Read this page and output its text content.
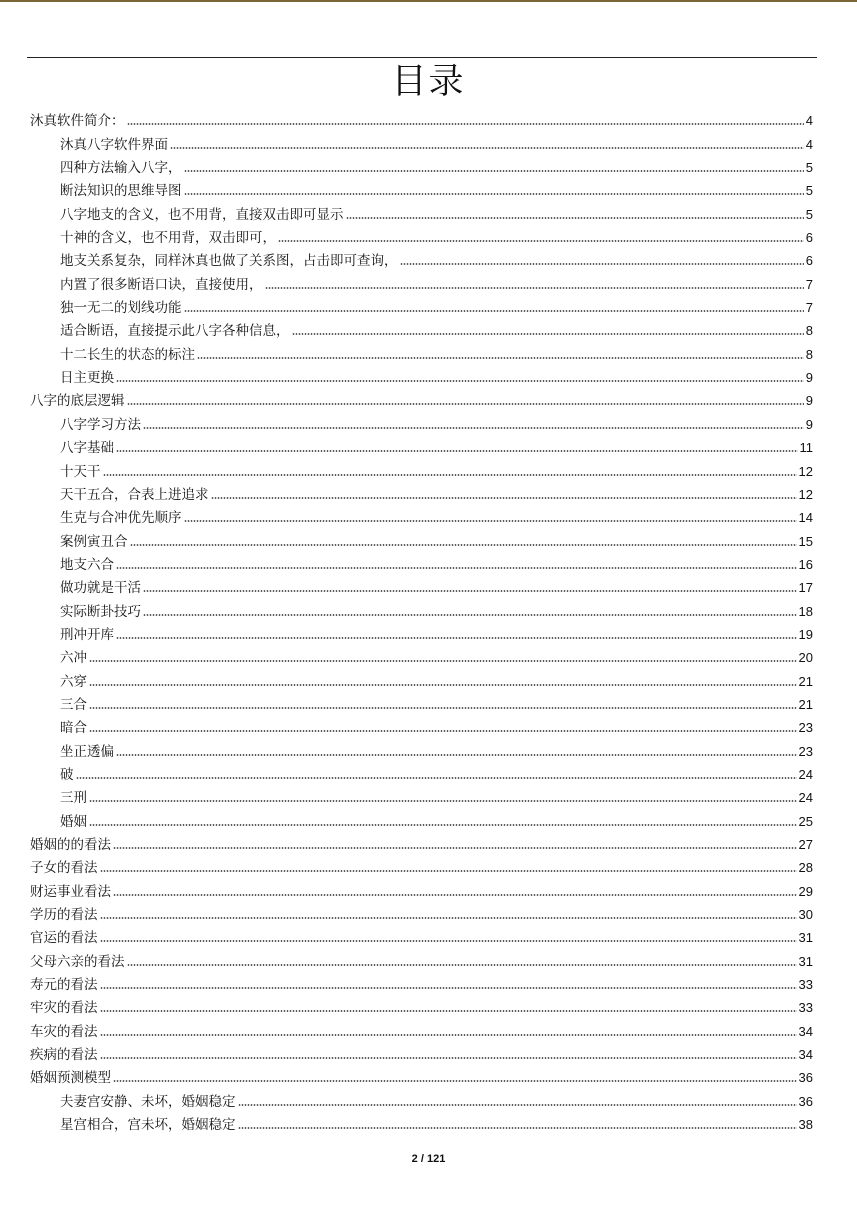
目录
沐真软件简介：	4
沐真八字软件界面	4
四种方法输入八字，	5
断法知识的思维导图	5
八字地支的含义，也不用背，直接双击即可显示	5
十神的含义，也不用背，双击即可，	6
地支关系复杂，同样沐真也做了关系图，占击即可查询，	6
内置了很多断语口诀，直接使用，	7
独一无二的划线功能	7
适合断语，直接提示此八字各种信息，	8
十二长生的状态的标注	8
日主更换	9
八字的底层逻辑	9
八字学习方法	9
八字基础	11
十天干	12
天干五合，合表上进追求	12
生克与合冲优先顺序	14
案例寅丑合	15
地支六合	16
做功就是干活	17
实际断卦技巧	18
刑冲开库	19
六冲	20
六穿	21
三合	21
暗合	23
坐正透偏	23
破	24
三刑	24
婚姻	25
婚姻的的看法	27
子女的看法	28
财运事业看法	29
学历的看法	30
官运的看法	31
父母六亲的看法	31
寿元的看法	33
牢灾的看法	33
车灾的看法	34
疾病的看法	34
婚姻预测模型	36
夫妻宫安静、未坏，婚姻稳定	36
星宫相合，宫未坏，婚姻稳定	38
2 / 121
